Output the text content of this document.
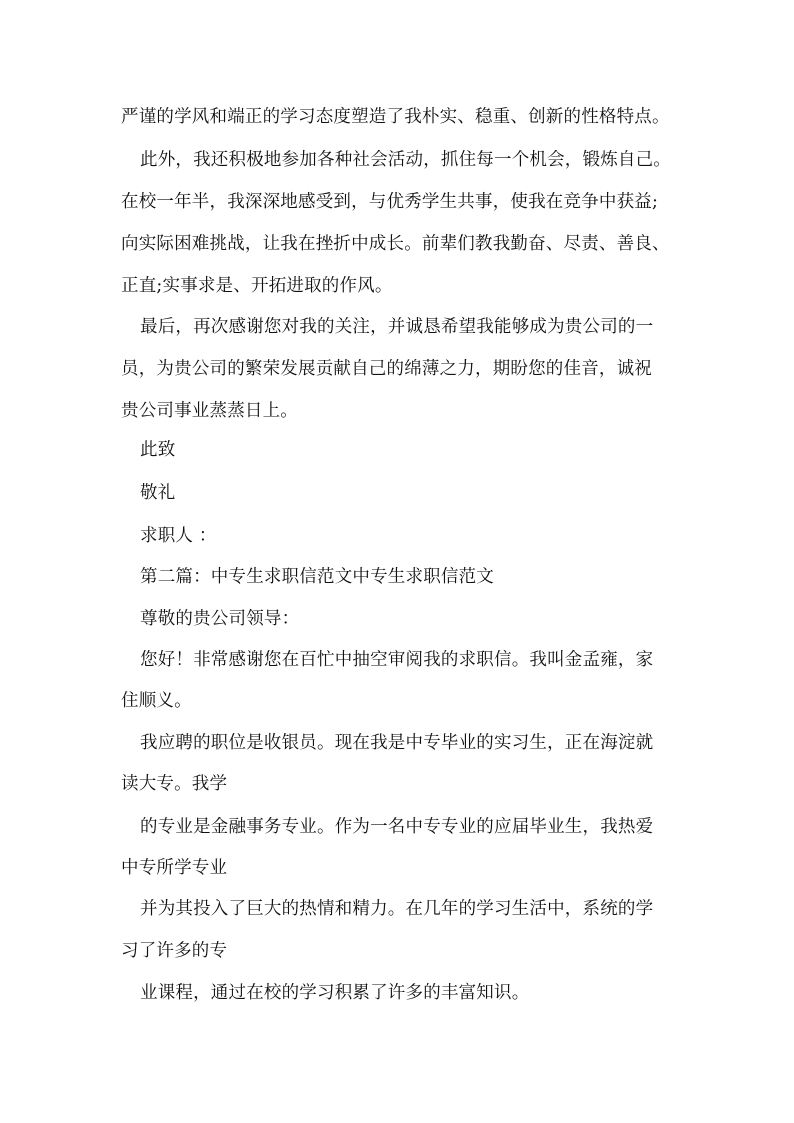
严谨的学风和端正的学习态度塑造了我朴实、稳重、创新的性格特点。
此外，我还积极地参加各种社会活动，抓住每一个机会，锻炼自己。
在校一年半，我深深地感受到，与优秀学生共事，使我在竞争中获益;
向实际困难挑战，让我在挫折中成长。前辈们教我勤奋、尽责、善良、
正直;实事求是、开拓进取的作风。
最后，再次感谢您对我的关注，并诚恳希望我能够成为贵公司的一
员，为贵公司的繁荣发展贡献自己的绵薄之力，期盼您的佳音，诚祝
贵公司事业蒸蒸日上。
此致
敬礼
求职人 ：
第二篇：中专生求职信范文中专生求职信范文
尊敬的贵公司领导：
您好！非常感谢您在百忙中抽空审阅我的求职信。我叫金孟雍，家
住顺义。
我应聘的职位是收银员。现在我是中专毕业的实习生，正在海淀就
读大专。我学
的专业是金融事务专业。作为一名中专专业的应届毕业生，我热爱
中专所学专业
并为其投入了巨大的热情和精力。在几年的学习生活中，系统的学
习了许多的专
业课程，通过在校的学习积累了许多的丰富知识。
